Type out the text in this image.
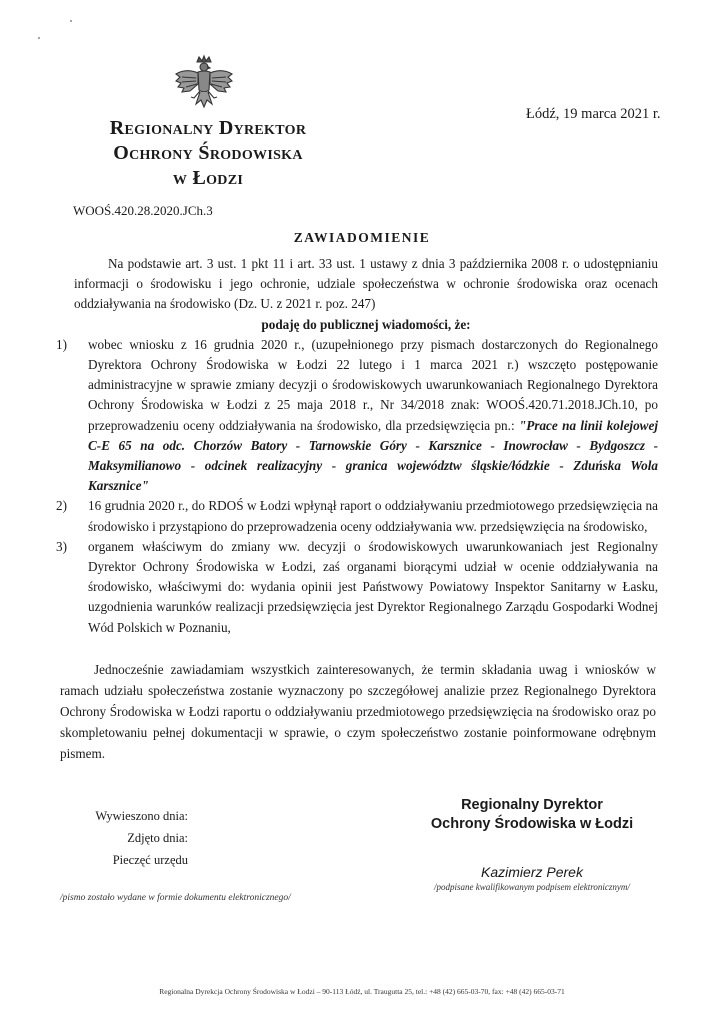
Łódź, 19 marca 2021 r.
Regionalny Dyrektor
Ochrony Środowiska
w Łodzi
WOOŚ.420.28.2020.JCh.3
ZAWIADOMIENIE

Na podstawie art. 3 ust. 1 pkt 11 i art. 33 ust. 1 ustawy z dnia 3 października 2008 r. o udostępnianiu informacji o środowisku i jego ochronie, udziale społeczeństwa w ochronie środowiska oraz ocenach oddziaływania na środowisko (Dz. U. z 2021 r. poz. 247)

podaję do publicznej wiadomości, że:

1)	wobec wniosku z 16 grudnia 2020 r., (uzupełnionego przy pismach dostarczonych do Regionalnego Dyrektora Ochrony Środowiska w Łodzi 22 lutego i 1 marca 2021 r.) wszczęto postępowanie administracyjne w sprawie zmiany decyzji o środowiskowych uwarunkowaniach Regionalnego Dyrektora Ochrony Środowiska w Łodzi z 25 maja 2018 r., Nr 34/2018 znak: WOOŚ.420.71.2018.JCh.10, po przeprowadzeniu oceny oddziaływania na środowisko, dla przedsięwzięcia pn.: "Prace na linii kolejowej C-E 65 na odc. Chorzów Batory - Tarnowskie Góry - Karsznice - Inowrocław - Bydgoszcz - Maksymilianowo - odcinek realizacyjny - granica województw śląskie/łódzkie - Zduńska Wola Karsznice"
2)	16 grudnia 2020 r., do RDOŚ w Łodzi wpłynął raport o oddziaływaniu przedmiotowego przedsięwzięcia na środowisko i przystąpiono do przeprowadzenia oceny oddziaływania ww. przedsięwzięcia na środowisko,
3)	organem właściwym do zmiany ww. decyzji o środowiskowych uwarunkowaniach jest Regionalny Dyrektor Ochrony Środowiska w Łodzi, zaś organami biorącymi udział w ocenie oddziaływania na środowisko, właściwymi do: wydania opinii jest Państwowy Powiatowy Inspektor Sanitarny w Łasku, uzgodnienia warunków realizacji przedsięwzięcia jest Dyrektor Regionalnego Zarządu Gospodarki Wodnej Wód Polskich w Poznaniu,

Jednocześnie zawiadamiam wszystkich zainteresowanych, że termin składania uwag i wniosków w ramach udziału społeczeństwa zostanie wyznaczony po szczegółowej analizie przez Regionalnego Dyrektora Ochrony Środowiska w Łodzi raportu o oddziaływaniu przedmiotowego przedsięwzięcia na środowisko oraz po skompletowaniu pełnej dokumentacji w sprawie, o czym społeczeństwo zostanie poinformowane odrębnym pismem.

Wywieszono dnia:
Zdjęto dnia:
Pieczęć urzędu
Regionalny Dyrektor
Ochrony Środowiska w Łodzi
Kazimierz Perek
/podpisane kwalifikowanym podpisem elektronicznym/
/pismo zostało wydane w formie dokumentu elektronicznego/
Regionalna Dyrekcja Ochrony Środowiska w Łodzi – 90-113 Łódź, ul. Traugutta 25, tel.: +48 (42) 665-03-70, fax: +48 (42) 665-03-71
